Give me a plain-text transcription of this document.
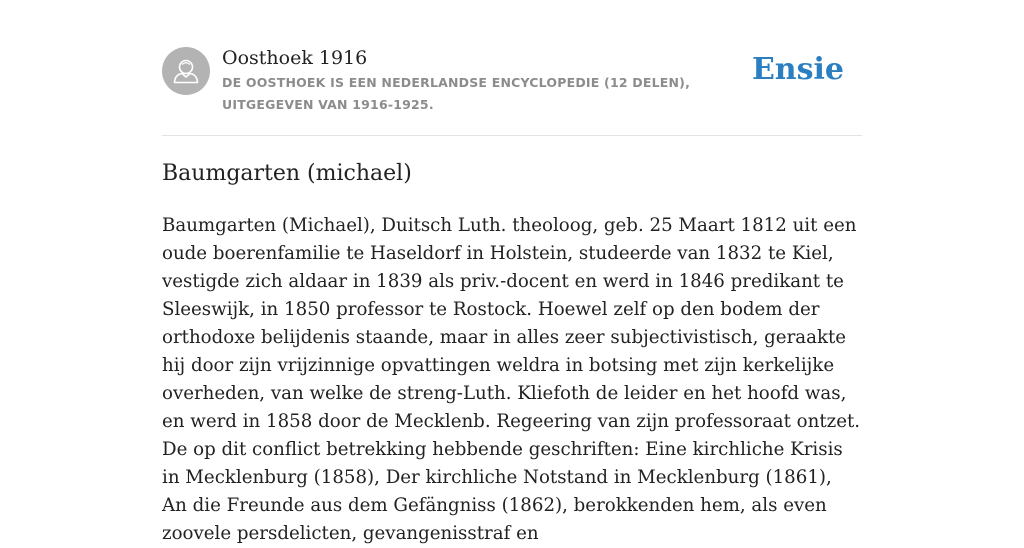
Oosthoek 1916
DE OOSTHOEK IS EEN NEDERLANDSE ENCYCLOPEDIE (12 DELEN), UITGEGEVEN VAN 1916-1925.
Ensie
Baumgarten (michael)

Baumgarten (Michael), Duitsch Luth. theoloog, geb. 25 Maart 1812 uit een oude boerenfamilie te Haseldorf in Holstein, studeerde van 1832 te Kiel, vestigde zich aldaar in 1839 als priv.-docent en werd in 1846 predikant te Sleeswijk, in 1850 professor te Rostock. Hoewel zelf op den bodem der orthodoxe belijdenis staande, maar in alles zeer subjectivistisch, geraakte hij door zijn vrijzinnige opvattingen weldra in botsing met zijn kerkelijke overheden, van welke de streng-Luth. Kliefoth de leider en het hoofd was, en werd in 1858 door de Mecklenb. Regeering van zijn professoraat ontzet. De op dit conflict betrekking hebbende geschriften: Eine kirchliche Krisis in Mecklenburg (1858), Der kirchliche Notstand in Mecklenburg (1861), An die Freunde aus dem Gefängniss (1862), berokkenden hem, als even zoovele persdelicten, gevangenisstraf en
